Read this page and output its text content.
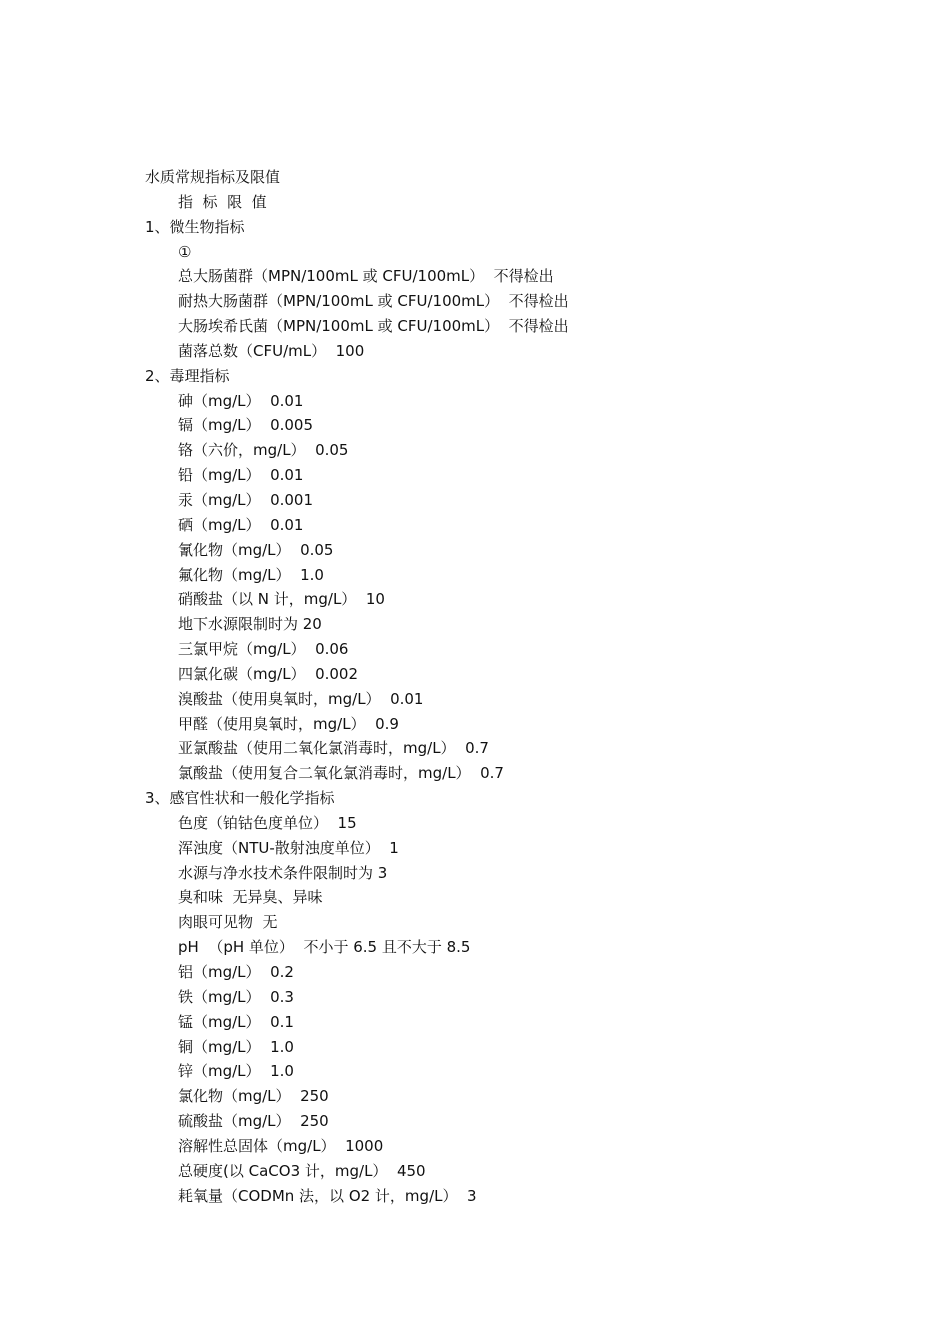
水质常规指标及限值
指  标  限  值
1、微生物指标
①
总大肠菌群（MPN/100mL 或 CFU/100mL）  不得检出
耐热大肠菌群（MPN/100mL 或 CFU/100mL）  不得检出
大肠埃希氏菌（MPN/100mL 或 CFU/100mL）  不得检出
菌落总数（CFU/mL）  100
2、毒理指标
砷（mg/L）  0.01
镉（mg/L）  0.005
铬（六价，mg/L）  0.05
铅（mg/L）  0.01
汞（mg/L）  0.001
硒（mg/L）  0.01
氰化物（mg/L）  0.05
氟化物（mg/L）  1.0
硝酸盐（以 N 计，mg/L）  10
地下水源限制时为 20
三氯甲烷（mg/L）  0.06
四氯化碳（mg/L）  0.002
溴酸盐（使用臭氧时，mg/L）  0.01
甲醛（使用臭氧时，mg/L）  0.9
亚氯酸盐（使用二氧化氯消毒时，mg/L）  0.7
氯酸盐（使用复合二氧化氯消毒时，mg/L）  0.7
3、感官性状和一般化学指标
色度（铂钴色度单位）  15
浑浊度（NTU-散射浊度单位）  1
水源与净水技术条件限制时为 3
臭和味  无异臭、异味
肉眼可见物  无
pH  （pH 单位）  不小于 6.5 且不大于 8.5
铝（mg/L）  0.2
铁（mg/L）  0.3
锰（mg/L）  0.1
铜（mg/L）  1.0
锌（mg/L）  1.0
氯化物（mg/L）  250
硫酸盐（mg/L）  250
溶解性总固体（mg/L）  1000
总硬度(以 CaCO3 计，mg/L）  450
耗氧量（CODMn 法，以 O2 计，mg/L）  3
